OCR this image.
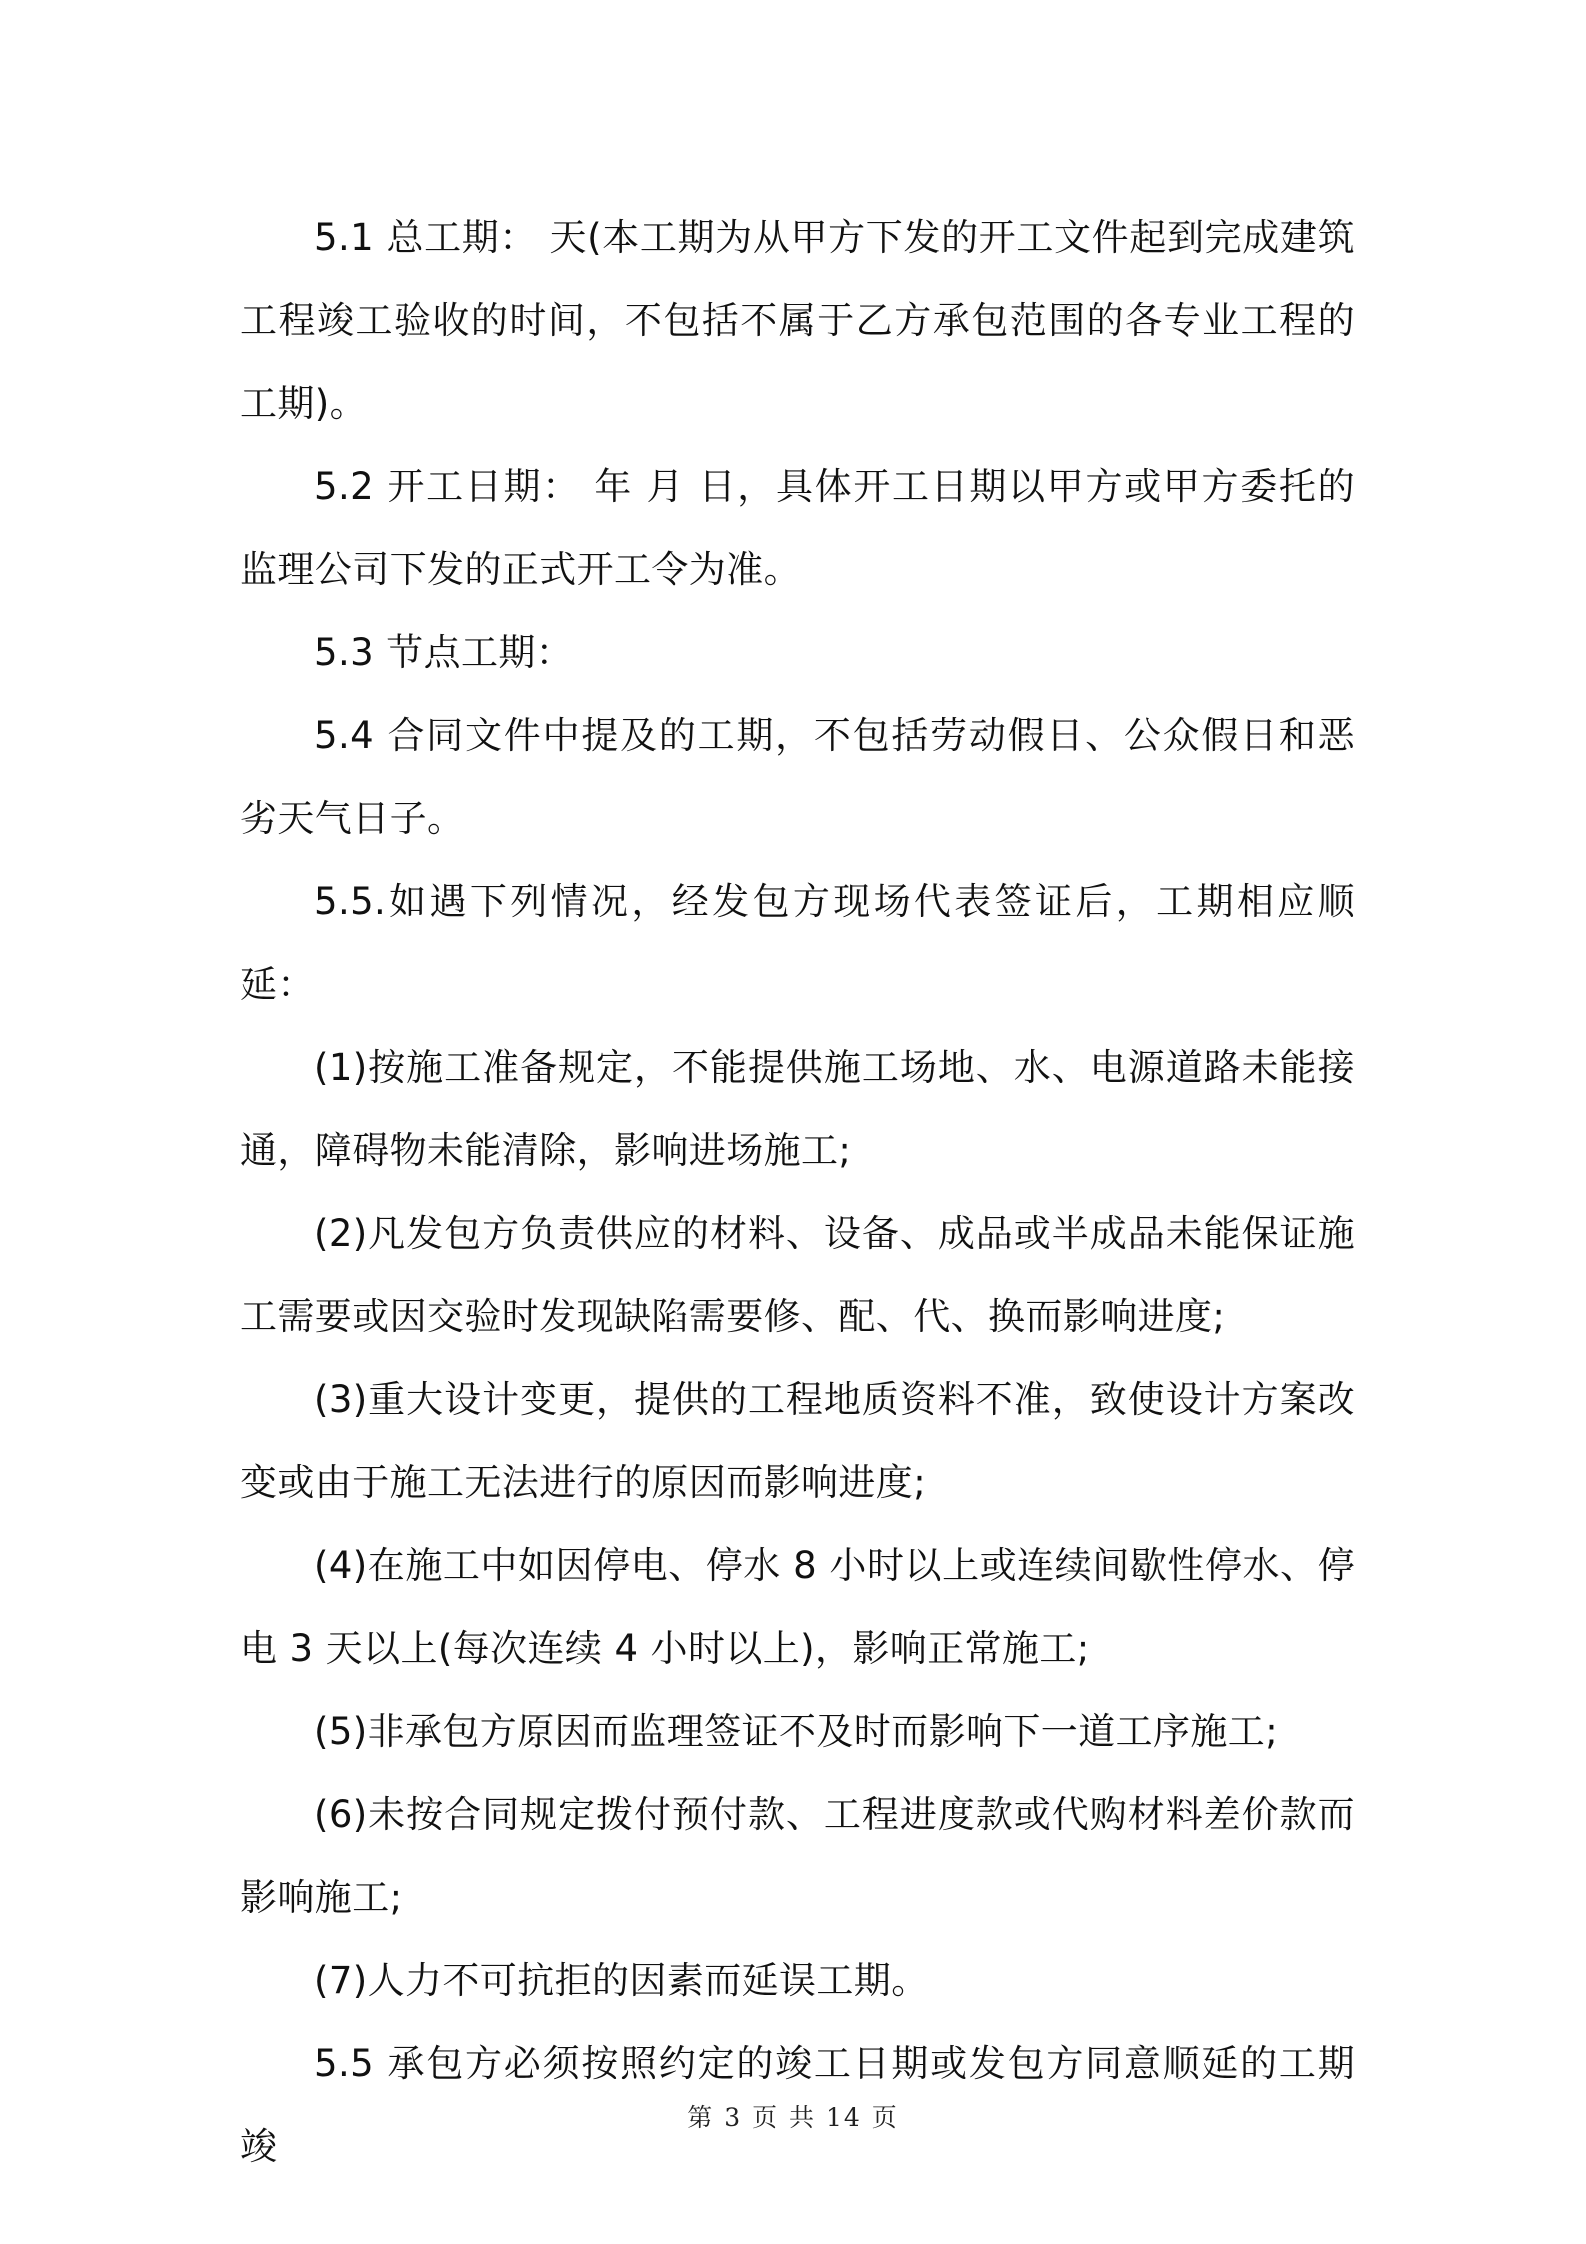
5.1 总工期： 天(本工期为从甲方下发的开工文件起到完成建筑工程竣工验收的时间，不包括不属于乙方承包范围的各专业工程的工期)。

5.2 开工日期： 年 月 日，具体开工日期以甲方或甲方委托的监理公司下发的正式开工令为准。

5.3 节点工期：

5.4 合同文件中提及的工期，不包括劳动假日、公众假日和恶劣天气日子。

5.5.如遇下列情况，经发包方现场代表签证后，工期相应顺延：

(1)按施工准备规定，不能提供施工场地、水、电源道路未能接通，障碍物未能清除，影响进场施工;

(2)凡发包方负责供应的材料、设备、成品或半成品未能保证施工需要或因交验时发现缺陷需要修、配、代、换而影响进度;

(3)重大设计变更，提供的工程地质资料不准，致使设计方案改变或由于施工无法进行的原因而影响进度;

(4)在施工中如因停电、停水 8 小时以上或连续间歇性停水、停电 3 天以上(每次连续 4 小时以上)，影响正常施工;

(5)非承包方原因而监理签证不及时而影响下一道工序施工;

(6)未按合同规定拨付预付款、工程进度款或代购材料差价款而影响施工;

(7)人力不可抗拒的因素而延误工期。

5.5 承包方必须按照约定的竣工日期或发包方同意顺延的工期竣

第 3 页 共 14 页
